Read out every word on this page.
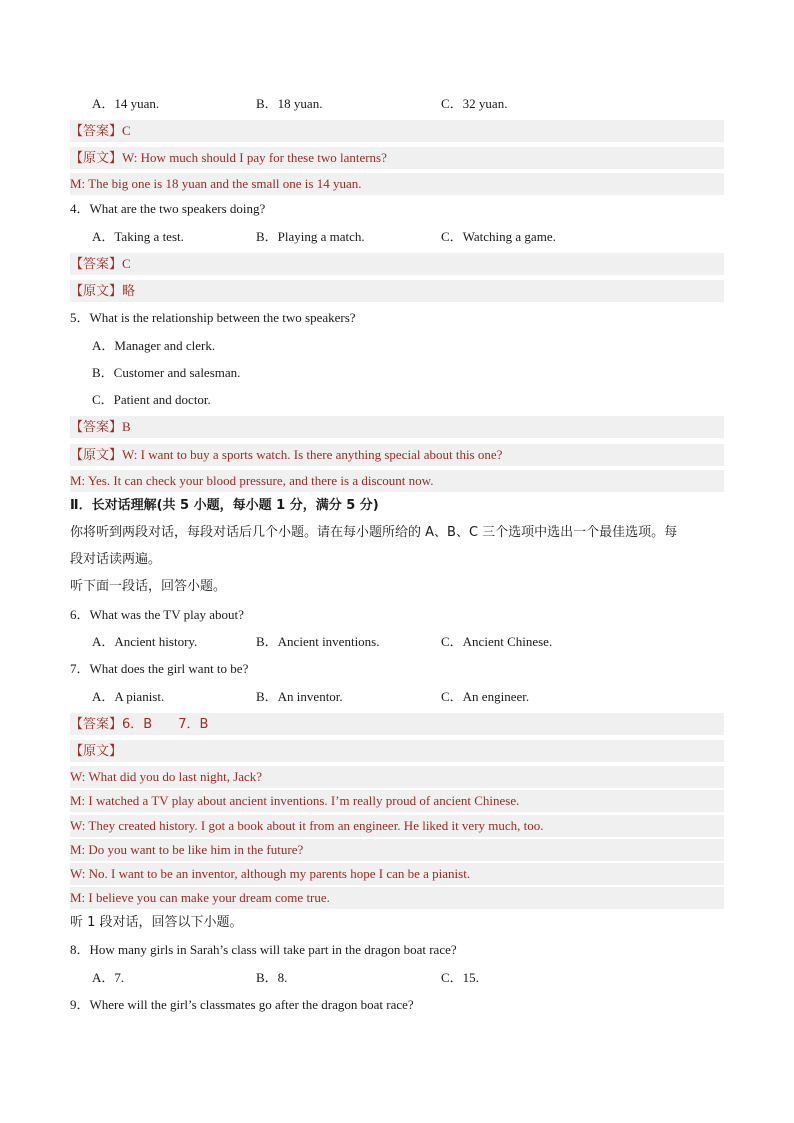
A．14 yuan.	B．18 yuan.	C．32 yuan.
【答案】C
【原文】W: How much should I pay for these two lanterns?
M: The big one is 18 yuan and the small one is 14 yuan.
4．What are the two speakers doing?
A．Taking a test.	B．Playing a match.	C．Watching a game.
【答案】C
【原文】略
5．What is the relationship between the two speakers?
A．Manager and clerk.
B．Customer and salesman.
C．Patient and doctor.
【答案】B
【原文】W: I want to buy a sports watch. Is there anything special about this one?
M: Yes. It can check your blood pressure, and there is a discount now.
Ⅱ．长对话理解(共 5 小题，每小题 1 分，满分 5 分)
你将听到两段对话，每段对话后几个小题。请在每小题所给的 A、B、C 三个选项中选出一个最佳选项。每
段对话读两遍。
听下面一段话，回答小题。
6．What was the TV play about?
A．Ancient history.	B．Ancient inventions.	C．Ancient Chinese.
7．What does the girl want to be?
A．A pianist.	B．An inventor.	C．An engineer.
【答案】6．B　　7．B
【原文】
W: What did you do last night, Jack?
M: I watched a TV play about ancient inventions. I’m really proud of ancient Chinese.
W: They created history. I got a book about it from an engineer. He liked it very much, too.
M: Do you want to be like him in the future?
W: No. I want to be an inventor, although my parents hope I can be a pianist.
M: I believe you can make your dream come true.
听 1 段对话，回答以下小题。
8．How many girls in Sarah’s class will take part in the dragon boat race?
A．7.	B．8.	C．15.
9．Where will the girl’s classmates go after the dragon boat race?
